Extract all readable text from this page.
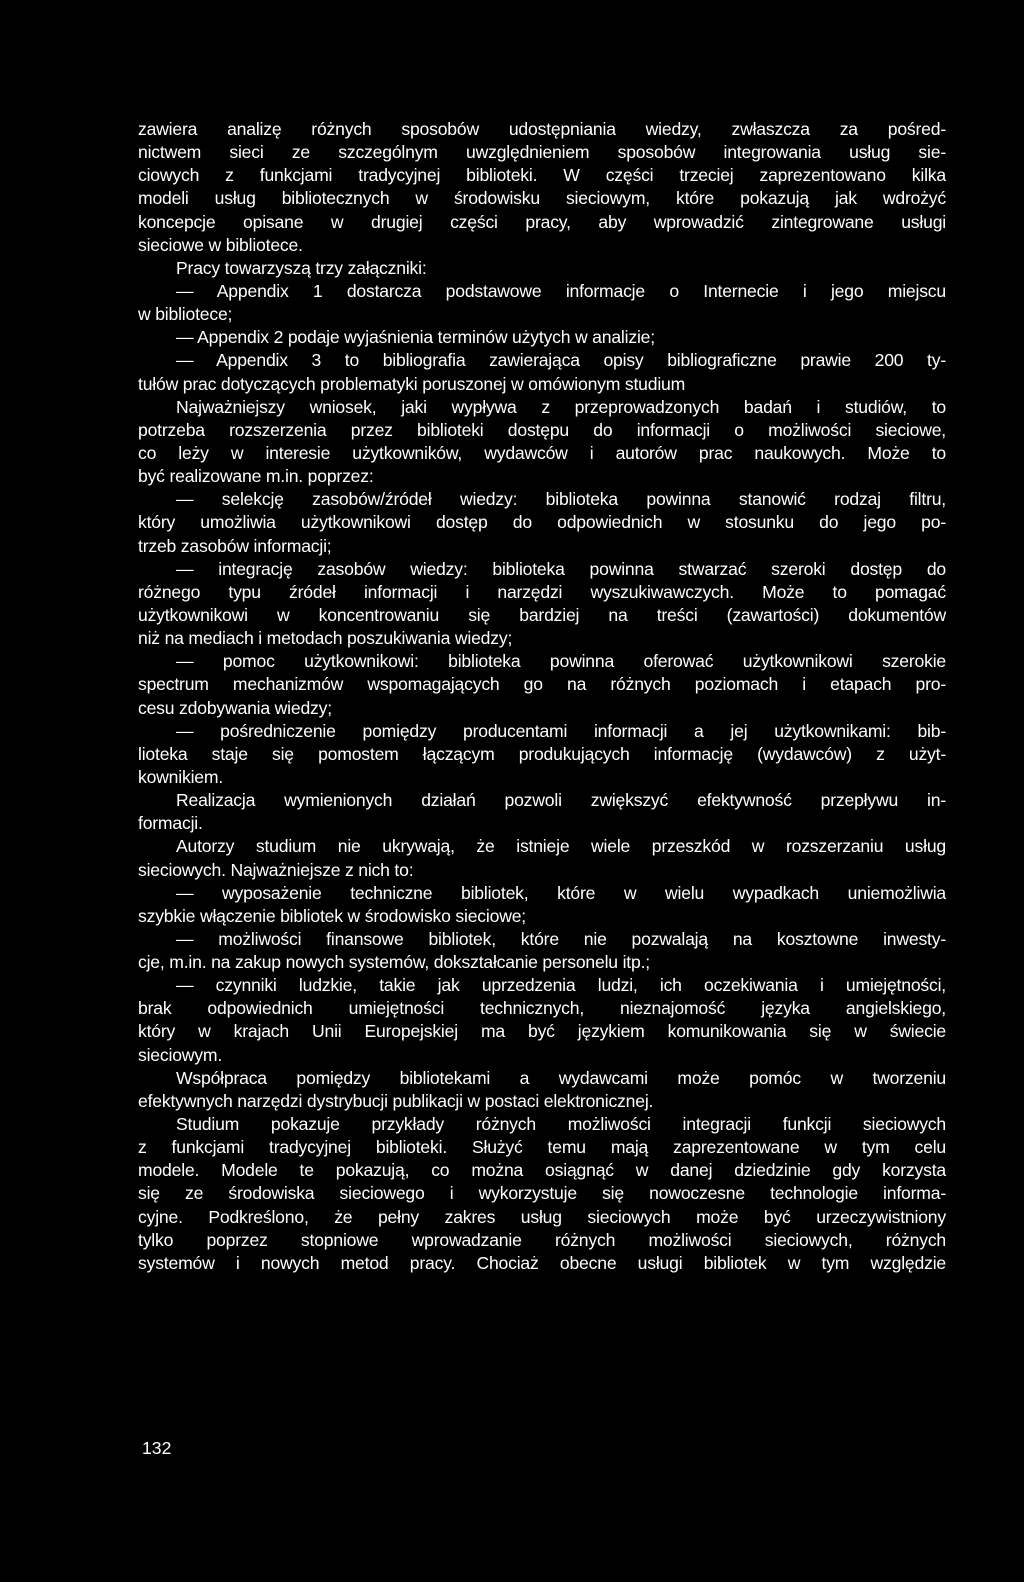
zawiera analizę różnych sposobów udostępniania wiedzy, zwłaszcza za pośred-
nictwem sieci ze szczególnym uwzględnieniem sposobów integrowania usług sie-
ciowych z funkcjami tradycyjnej biblioteki. W części trzeciej zaprezentowano kilka
modeli usług bibliotecznych w środowisku sieciowym, które pokazują jak wdrożyć
koncepcje opisane w drugiej części pracy, aby wprowadzić zintegrowane usługi
sieciowe w bibliotece.
Pracy towarzyszą trzy załączniki:
— Appendix 1 dostarcza podstawowe informacje o Internecie i jego miejscu
w bibliotece;
— Appendix 2 podaje wyjaśnienia terminów użytych w analizie;
— Appendix 3 to bibliografia zawierająca opisy bibliograficzne prawie 200 ty-
tułów prac dotyczących problematyki poruszonej w omówionym studium
Najważniejszy wniosek, jaki wypływa z przeprowadzonych badań i studiów, to
potrzeba rozszerzenia przez biblioteki dostępu do informacji o możliwości sieciowe,
co leży w interesie użytkowników, wydawców i autorów prac naukowych. Może to
być realizowane m.in. poprzez:
— selekcję zasobów/źródeł wiedzy: biblioteka powinna stanowić rodzaj filtru,
który umożliwia użytkownikowi dostęp do odpowiednich w stosunku do jego po-
trzeb zasobów informacji;
— integrację zasobów wiedzy: biblioteka powinna stwarzać szeroki dostęp do
różnego typu źródeł informacji i narzędzi wyszukiwawczych. Może to pomagać
użytkownikowi w koncentrowaniu się bardziej na treści (zawartości) dokumentów
niż na mediach i metodach poszukiwania wiedzy;
— pomoc użytkownikowi: biblioteka powinna oferować użytkownikowi szerokie
spectrum mechanizmów wspomagających go na różnych poziomach i etapach pro-
cesu zdobywania wiedzy;
— pośredniczenie pomiędzy producentami informacji a jej użytkownikami: bib-
lioteka staje się pomostem łączącym produkujących informację (wydawców) z użyt-
kownikiem.
Realizacja wymienionych działań pozwoli zwiększyć efektywność przepływu in-
formacji.
Autorzy studium nie ukrywają, że istnieje wiele przeszkód w rozszerzaniu usług
sieciowych. Najważniejsze z nich to:
— wyposażenie techniczne bibliotek, które w wielu wypadkach uniemożliwia
szybkie włączenie bibliotek w środowisko sieciowe;
— możliwości finansowe bibliotek, które nie pozwalają na kosztowne inwesty-
cje, m.in. na zakup nowych systemów, dokształcanie personelu itp.;
— czynniki ludzkie, takie jak uprzedzenia ludzi, ich oczekiwania i umiejętności,
brak odpowiednich umiejętności technicznych, nieznajomość języka angielskiego,
który w krajach Unii Europejskiej ma być językiem komunikowania się w świecie
sieciowym.
Współpraca pomiędzy bibliotekami a wydawcami może pomóc w tworzeniu
efektywnych narzędzi dystrybucji publikacji w postaci elektronicznej.
Studium pokazuje przykłady różnych możliwości integracji funkcji sieciowych
z funkcjami tradycyjnej biblioteki. Służyć temu mają zaprezentowane w tym celu
modele. Modele te pokazują, co można osiągnąć w danej dziedzinie gdy korzysta
się ze środowiska sieciowego i wykorzystuje się nowoczesne technologie informa-
cyjne. Podkreślono, że pełny zakres usług sieciowych może być urzeczywistniony
tylko poprzez stopniowe wprowadzanie różnych możliwości sieciowych, różnych
systemów i nowych metod pracy. Chociaż obecne usługi bibliotek w tym względzie
132
